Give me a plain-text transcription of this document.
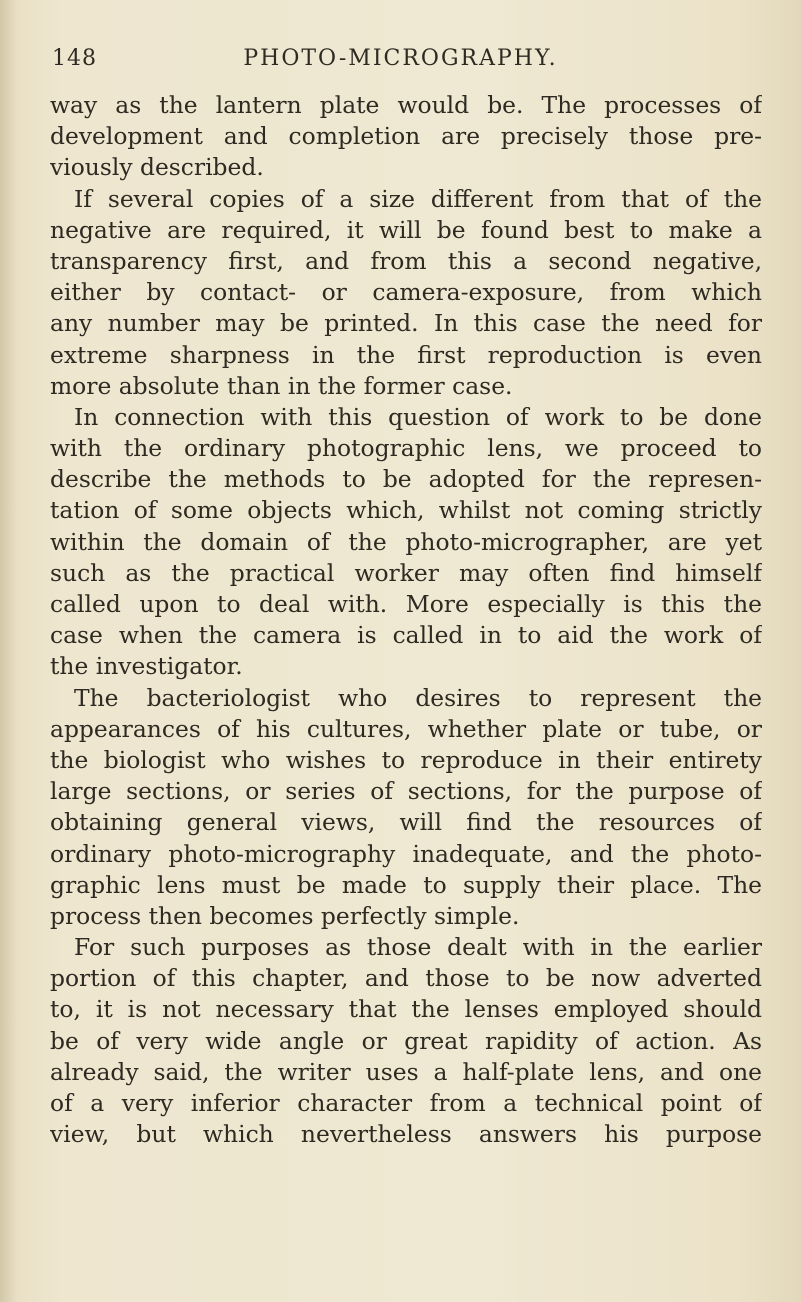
PHOTO-MICROGRAPHY.
148
way as the lantern plate would be. The processes of
development and completion are precisely those pre-
viously described.
If several copies of a size different from that of the
negative are required, it will be found best to make a
transparency first, and from this a second negative,
either by contact- or camera-exposure, from which
any number may be printed. In this case the need for
extreme sharpness in the first reproduction is even
more absolute than in the former case.
In connection with this question of work to be done
with the ordinary photographic lens, we proceed to
describe the methods to be adopted for the represen-
tation of some objects which, whilst not coming strictly
within the domain of the photo-micrographer, are yet
such as the practical worker may often find himself
called upon to deal with. More especially is this the
case when the camera is called in to aid the work of
the investigator.
The bacteriologist who desires to represent the
appearances of his cultures, whether plate or tube, or
the biologist who wishes to reproduce in their entirety
large sections, or series of sections, for the purpose of
obtaining general views, will find the resources of
ordinary photo-micrography inadequate, and the photo-
graphic lens must be made to supply their place. The
process then becomes perfectly simple.
For such purposes as those dealt with in the earlier
portion of this chapter, and those to be now adverted
to, it is not necessary that the lenses employed should
be of very wide angle or great rapidity of action. As
already said, the writer uses a half-plate lens, and one
of a very inferior character from a technical point of
view, but which nevertheless answers his purpose
